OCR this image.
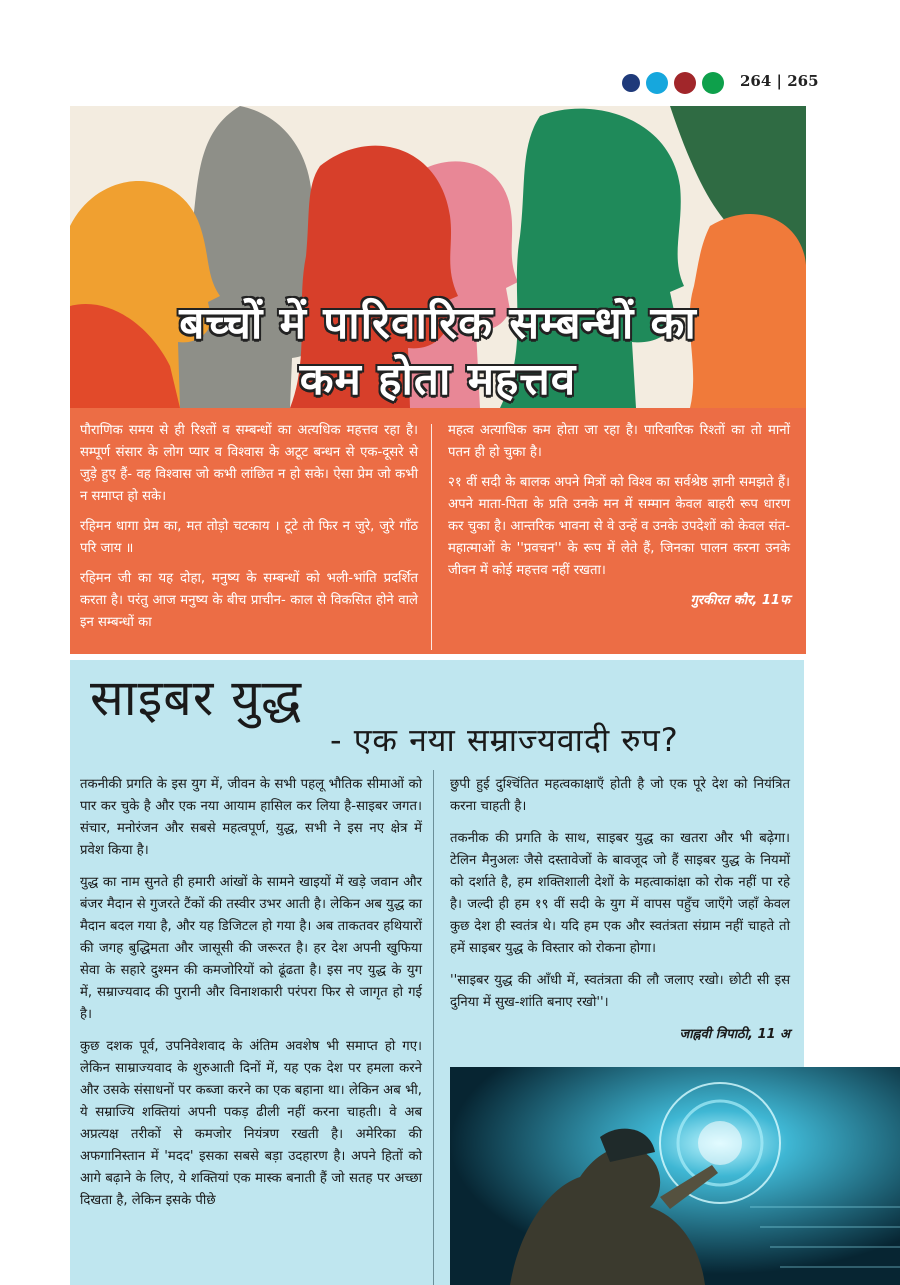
264 | 265
बच्चों में पारिवारिक सम्बन्धों का
कम होता महत्तव

पौराणिक समय से ही रिश्तों व सम्बन्धों का अत्यधिक महत्तव रहा है। सम्पूर्ण संसार के लोग प्यार व विश्वास के अटूट बन्धन से एक-दूसरे से जुड़े हुए हैं- वह विश्वास जो कभी लांछित न हो सके। ऐसा प्रेम जो कभी न समाप्त हो सके।

रहिमन धागा प्रेम का, मत तोड़ो चटकाय । टूटे तो फिर न जुरे, जुरे गाँठ परि जाय ॥

रहिमन जी का यह दोहा, मनुष्य के सम्बन्धों को भली-भांति प्रदर्शित करता है। परंतु आज मनुष्य के बीच प्राचीन- काल से विकसित होने वाले इन सम्बन्धों का

महत्व अत्याधिक कम होता जा रहा है। पारिवारिक रिश्तों का तो मानों पतन ही हो चुका है।

२१ वीं सदी के बालक अपने मित्रों को विश्व का सर्वश्रेष्ठ ज्ञानी समझते हैं। अपने माता-पिता के प्रति उनके मन में सम्मान केवल बाहरी रूप धारण कर चुका है। आन्तरिक भावना से वे उन्हें व उनके उपदेशों को केवल संत-महात्माओं के ''प्रवचन'' के रूप में लेते हैं, जिनका पालन करना उनके जीवन में कोई महत्तव नहीं रखता।

गुरकीरत कौर, 11फ
साइबर युद्ध
- एक नया सम्राज्यवादी रुप?

तकनीकी प्रगति के इस युग में, जीवन के सभी पहलू भौतिक सीमाओं को पार कर चुके है और एक नया आयाम हासिल कर लिया है-साइबर जगत। संचार, मनोरंजन और सबसे महत्वपूर्ण, युद्ध, सभी ने इस नए क्षेत्र में प्रवेश किया है।

युद्ध का नाम सुनते ही हमारी आंखों के सामने खाइयों में खड़े जवान और बंजर मैदान से गुजरते टैंकों की तस्वीर उभर आती है। लेकिन अब युद्ध का मैदान बदल गया है, और यह डिजिटल हो गया है। अब ताकतवर हथियारों की जगह बुद्धिमता और जासूसी की जरूरत है। हर देश अपनी खुफिया सेवा के सहारे दुश्मन की कमजोरियों को ढूंढता है। इस नए युद्ध के युग में, सम्राज्यवाद की पुरानी और विनाशकारी परंपरा फिर से जागृत हो गई है।

कुछ दशक पूर्व, उपनिवेशवाद के अंतिम अवशेष भी समाप्त हो गए। लेकिन साम्राज्यवाद के शुरुआती दिनों में, यह एक देश पर हमला करने और उसके संसाधनों पर कब्जा करने का एक बहाना था। लेकिन अब भी, ये सम्राज्यि शक्तियां अपनी पकड़ ढीली नहीं करना चाहती। वे अब अप्रत्यक्ष तरीकों से कमजोर नियंत्रण रखती है। अमेरिका की अफगानिस्तान में 'मदद' इसका सबसे बड़ा उदहारण है। अपने हितों को आगे बढ़ाने के लिए, ये शक्तियां एक मास्क बनाती हैं जो सतह पर अच्छा दिखता है, लेकिन इसके पीछे

छुपी हुई दुश्चिंतित महत्वकाक्षाएँ होती है जो एक पूरे देश को नियंत्रित करना चाहती है।

तकनीक की प्रगति के साथ, साइबर युद्ध का खतरा और भी बढ़ेगा। टेलिन मैनुअलः जैसे दस्तावेजों के बावजूद जो हैं साइबर युद्ध के नियमों को दर्शाते है, हम शक्तिशाली देशों के महत्वाकांक्षा को रोक नहीं पा रहे है। जल्दी ही हम १९ वीं सदी के युग में वापस पहुँच जाएँगे जहाँ केवल कुछ देश ही स्वतंत्र थे। यदि हम एक और स्वतंत्रता संग्राम नहीं चाहते तो हमें साइबर युद्ध के विस्तार को रोकना होगा।

''साइबर युद्ध की आँधी में, स्वतंत्रता की लौ जलाए रखो। छोटी सी इस दुनिया में सुख-शांति बनाए रखो''।

जाह्नवी त्रिपाठी, 11 अ
